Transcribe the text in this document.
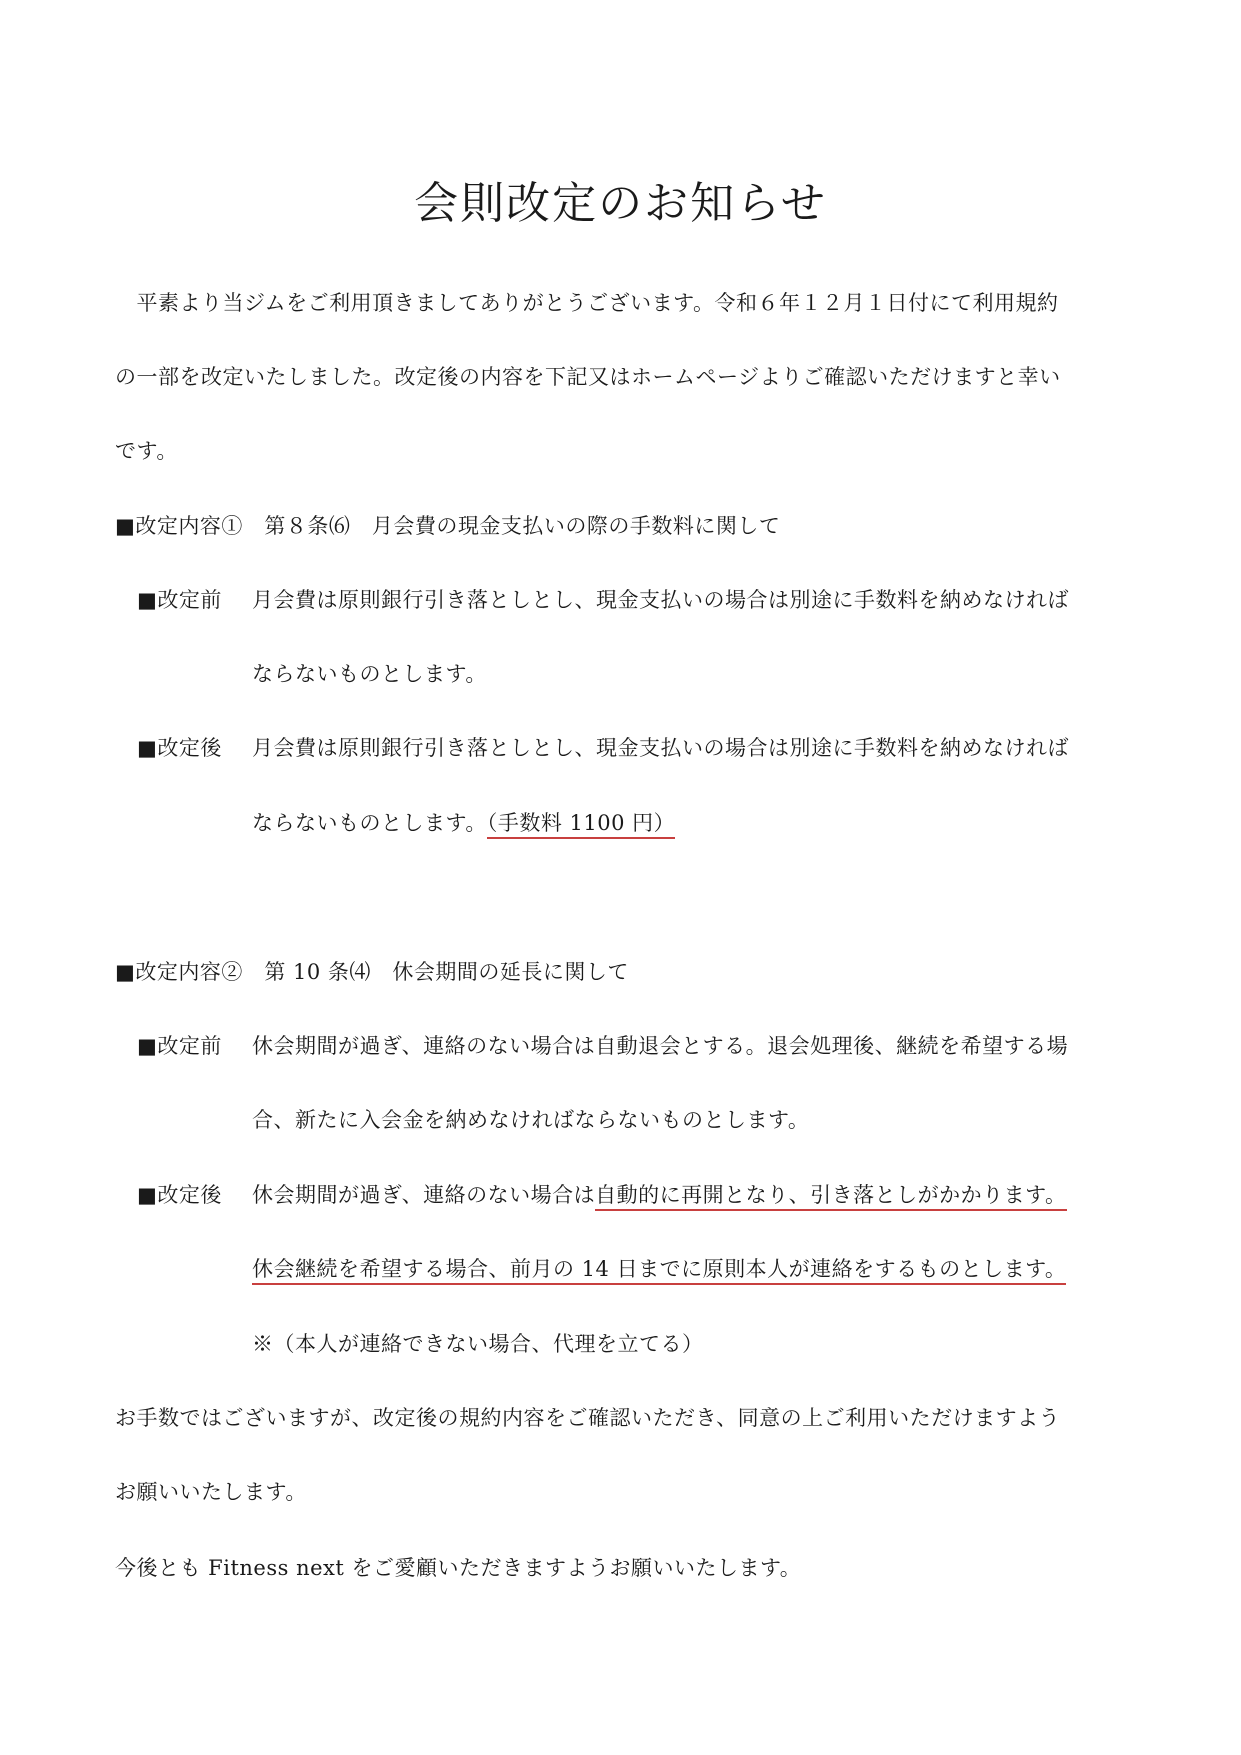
会則改定のお知らせ
　平素より当ジムをご利用頂きましてありがとうございます。令和６年１２月１日付にて利用規約
の一部を改定いたしました。改定後の内容を下記又はホームページよりご確認いただけますと幸い
です。
■改定内容①　第８条⑹　月会費の現金支払いの際の手数料に関して
■改定前 月会費は原則銀行引き落としとし、現金支払いの場合は別途に手数料を納めなければ
ならないものとします。
■改定後 月会費は原則銀行引き落としとし、現金支払いの場合は別途に手数料を納めなければ
ならないものとします。（手数料 1100 円）
■改定内容②　第 10 条⑷　休会期間の延長に関して
■改定前 休会期間が過ぎ、連絡のない場合は自動退会とする。退会処理後、継続を希望する場
合、新たに入会金を納めなければならないものとします。
■改定後 休会期間が過ぎ、連絡のない場合は自動的に再開となり、引き落としがかかります。
休会継続を希望する場合、前月の 14 日までに原則本人が連絡をするものとします。
※（本人が連絡できない場合、代理を立てる）
お手数ではございますが、改定後の規約内容をご確認いただき、同意の上ご利用いただけますよう
お願いいたします。
今後とも Fitness next をご愛顧いただきますようお願いいたします。
